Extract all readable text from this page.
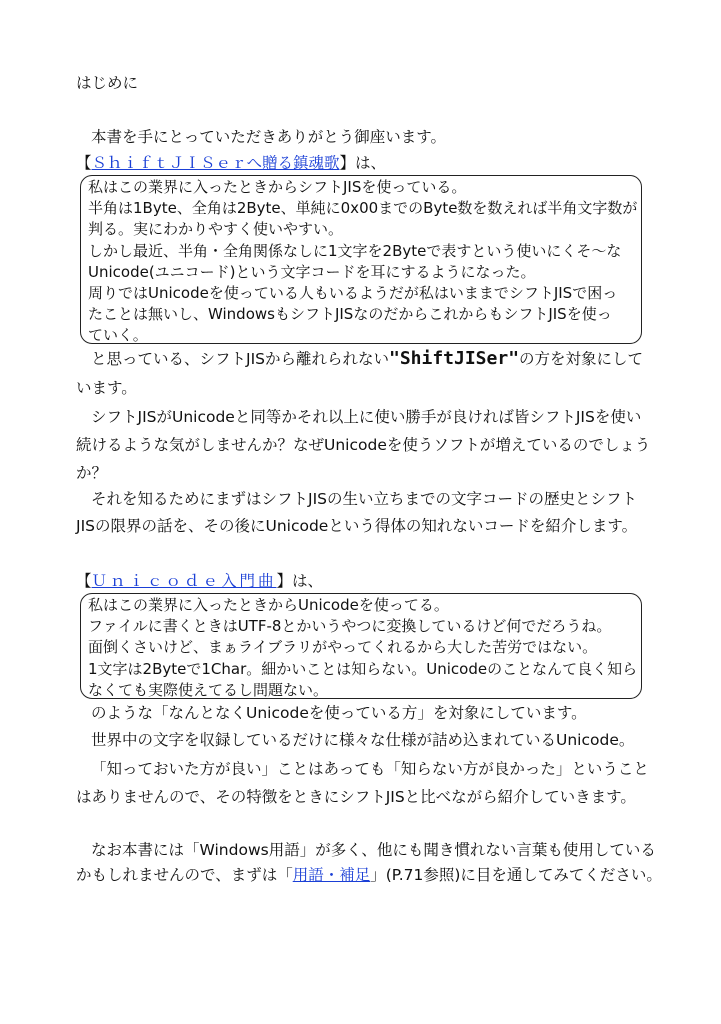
はじめに
本書を手にとっていただきありがとう御座います。
【ＳｈｉｆｔＪＩＳｅｒへ贈る鎮魂歌】は、
私はこの業界に入ったときからシフトJISを使っている。
半角は1Byte、全角は2Byte、単純に0x00までのByte数を数えれば半角文字数が
判る。実にわかりやすく使いやすい。
しかし最近、半角・全角関係なしに1文字を2Byteで表すという使いにくそ～な
Unicode(ユニコード)という文字コードを耳にするようになった。
周りではUnicodeを使っている人もいるようだが私はいままでシフトJISで困っ
たことは無いし、WindowsもシフトJISなのだからこれからもシフトJISを使っ
ていく。
と思っている、シフトJISから離れられない"ShiftJISer"の方を対象にして
います。
シフトJISがUnicodeと同等かそれ以上に使い勝手が良ければ皆シフトJISを使い
続けるような気がしませんか？なぜUnicodeを使うソフトが増えているのでしょう
か？
それを知るためにまずはシフトJISの生い立ちまでの文字コードの歴史とシフト
JISの限界の話を、その後にUnicodeという得体の知れないコードを紹介します。
【Ｕｎｉｃｏｄｅ入門曲】は、
私はこの業界に入ったときからUnicodeを使ってる。
ファイルに書くときはUTF-8とかいうやつに変換しているけど何でだろうね。
面倒くさいけど、まぁライブラリがやってくれるから大した苦労ではない。
1文字は2Byteで1Char。細かいことは知らない。Unicodeのことなんて良く知ら
なくても実際使えてるし問題ない。
のような「なんとなくUnicodeを使っている方」を対象にしています。
世界中の文字を収録しているだけに様々な仕様が詰め込まれているUnicode。
「知っておいた方が良い」ことはあっても「知らない方が良かった」ということ
はありませんので、その特徴をときにシフトJISと比べながら紹介していきます。
なお本書には「Windows用語」が多く、他にも聞き慣れない言葉も使用している
かもしれませんので、まずは「用語・補足」(P.71参照)に目を通してみてください。
